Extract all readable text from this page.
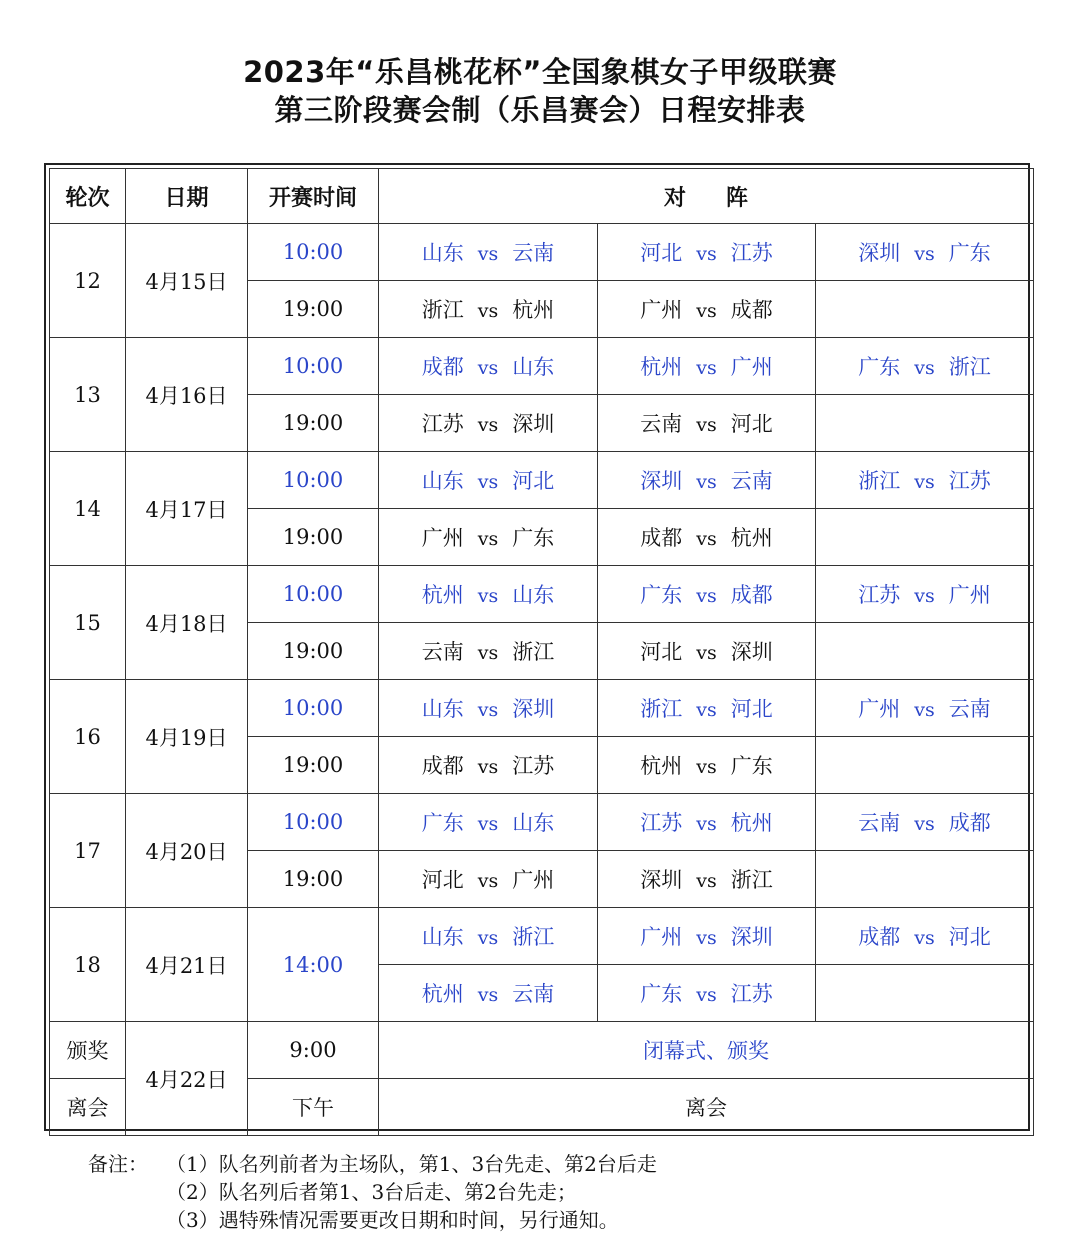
2023年“乐昌桃花杯”全国象棋女子甲级联赛
第三阶段赛会制（乐昌赛会）日程安排表
轮次	日期	开赛时间	对 阵		
12	4月15日	10:00	山东 vs 云南	河北 vs 江苏	深圳 vs 广东
		19:00	浙江 vs 杭州	广州 vs 成都	
13	4月16日	10:00	成都 vs 山东	杭州 vs 广州	广东 vs 浙江
		19:00	江苏 vs 深圳	云南 vs 河北	
14	4月17日	10:00	山东 vs 河北	深圳 vs 云南	浙江 vs 江苏
		19:00	广州 vs 广东	成都 vs 杭州	
15	4月18日	10:00	杭州 vs 山东	广东 vs 成都	江苏 vs 广州
		19:00	云南 vs 浙江	河北 vs 深圳	
16	4月19日	10:00	山东 vs 深圳	浙江 vs 河北	广州 vs 云南
		19:00	成都 vs 江苏	杭州 vs 广东	
17	4月20日	10:00	广东 vs 山东	江苏 vs 杭州	云南 vs 成都
		19:00	河北 vs 广州	深圳 vs 浙江	
18	4月21日	14:00	山东 vs 浙江	广州 vs 深圳	成都 vs 河北
			杭州 vs 云南	广东 vs 江苏	
颁奖	4月22日	9:00	闭幕式、颁奖		
离会		下午	离会		
备注： （1）队名列前者为主场队，第1、3台先走、第2台后走
（2）队名列后者第1、3台后走、第2台先走；
（3）遇特殊情况需要更改日期和时间，另行通知。
